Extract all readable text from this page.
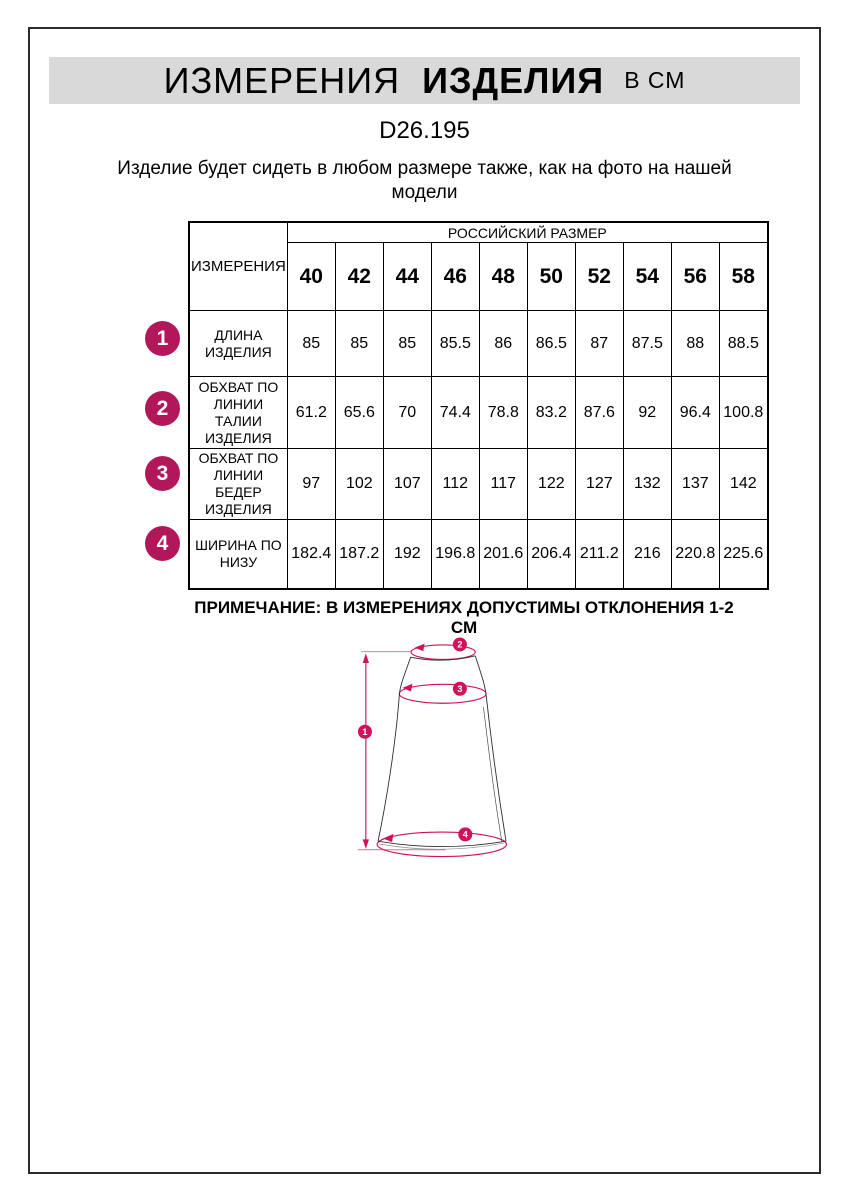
ИЗМЕРЕНИЯ ИЗДЕЛИЯ В СМ
D26.195
Изделие будет сидеть в любом размере также, как на фото на нашей модели
1
2
3
4
ИЗМЕРЕНИЯ	РОССИЙСКИЙ РАЗМЕР									
	40	42	44	46	48	50	52	54	56	58
ДЛИНА ИЗДЕЛИЯ	85	85	85	85.5	86	86.5	87	87.5	88	88.5
ОБХВАТ ПО ЛИНИИ ТАЛИИ ИЗДЕЛИЯ	61.2	65.6	70	74.4	78.8	83.2	87.6	92	96.4	100.8
ОБХВАТ ПО ЛИНИИ БЕДЕР ИЗДЕЛИЯ	97	102	107	112	117	122	127	132	137	142
ШИРИНА ПО НИЗУ	182.4	187.2	192	196.8	201.6	206.4	211.2	216	220.8	225.6
ПРИМЕЧАНИЕ: В ИЗМЕРЕНИЯХ ДОПУСТИМЫ ОТКЛОНЕНИЯ 1-2 СМ
1
2
3
4
